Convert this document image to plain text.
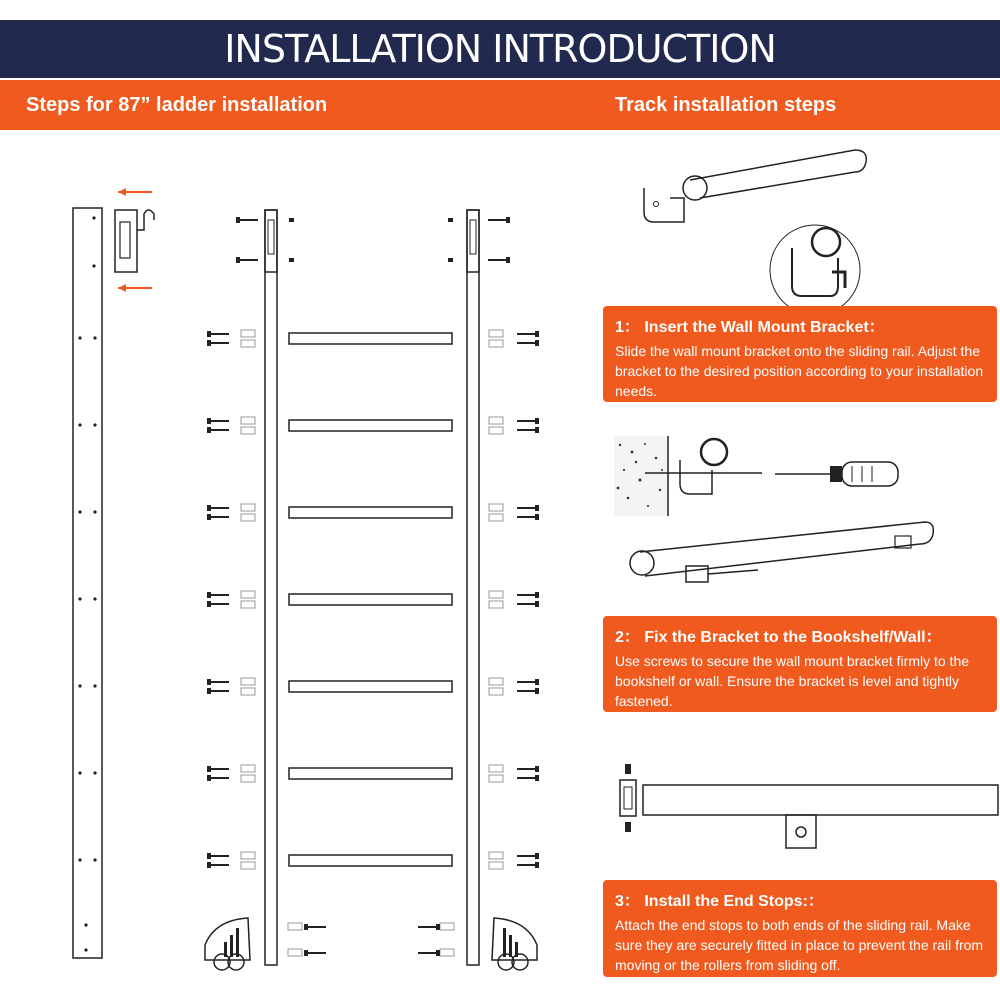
INSTALLATION INTRODUCTION
Steps for 87” ladder installation	Track installation steps
1： Insert the Wall Mount Bracket：
Slide the wall mount bracket onto the sliding rail. Adjust the bracket to the desired position according to your installation needs.
2： Fix the Bracket to the Bookshelf/Wall：
Use screws to secure the wall mount bracket firmly to the bookshelf or wall. Ensure the bracket is level and tightly fastened.
3： Install the End Stops:：
Attach the end stops to both ends of the sliding rail. Make sure they are securely fitted in place to prevent the rail from moving or the rollers from sliding off.
